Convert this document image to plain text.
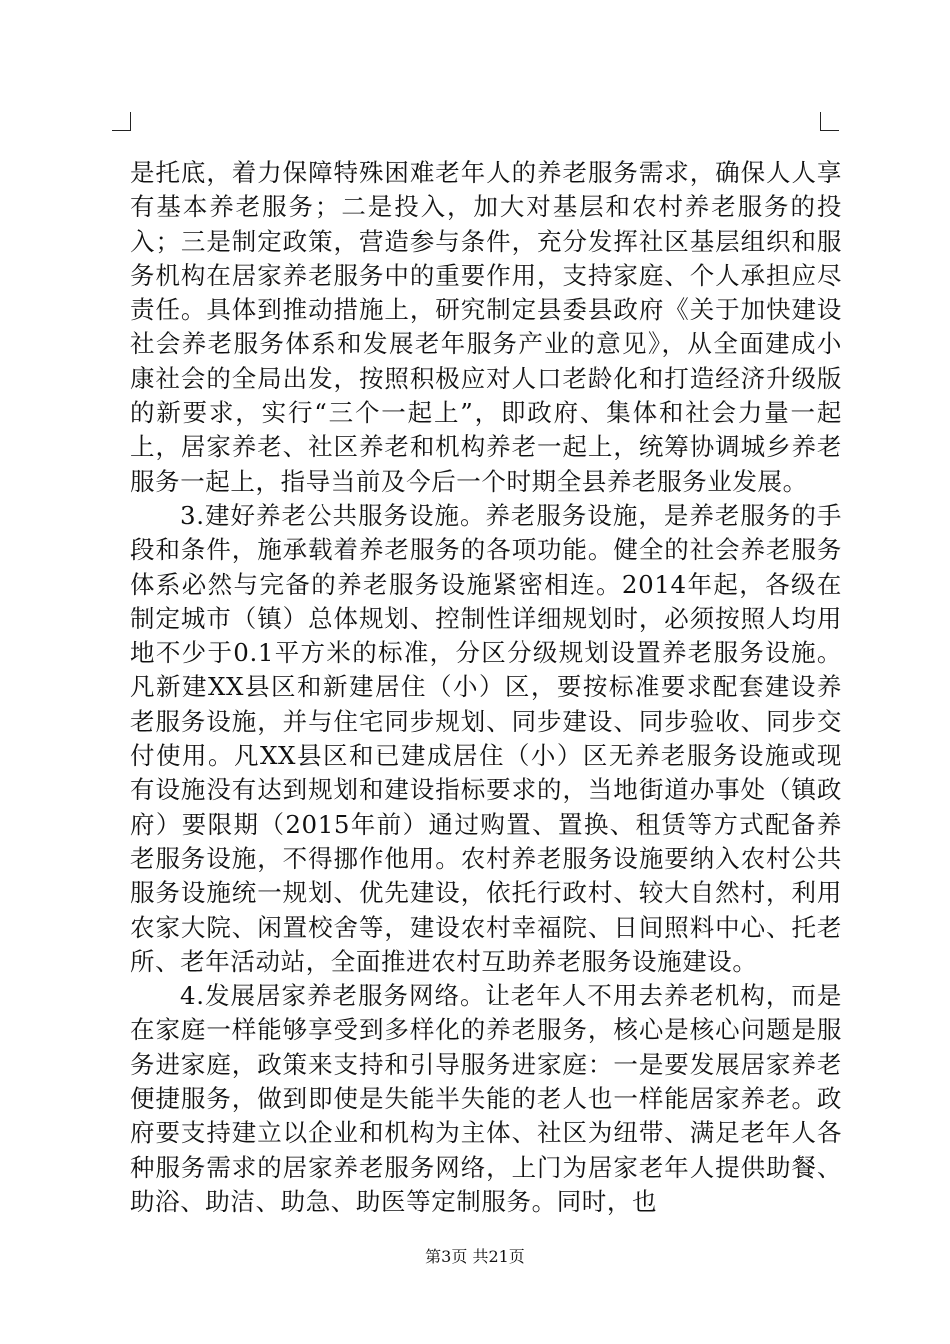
是托底，着力保障特殊困难老年人的养老服务需求，确保人人享有基本养老服务；二是投入，加大对基层和农村养老服务的投入；三是制定政策，营造参与条件，充分发挥社区基层组织和服务机构在居家养老服务中的重要作用，支持家庭、个人承担应尽责任。具体到推动措施上，研究制定县委县政府《关于加快建设社会养老服务体系和发展老年服务产业的意见》，从全面建成小康社会的全局出发，按照积极应对人口老龄化和打造经济升级版的新要求，实行“三个一起上”，即政府、集体和社会力量一起上，居家养老、社区养老和机构养老一起上，统筹协调城乡养老服务一起上，指导当前及今后一个时期全县养老服务业发展。

3.建好养老公共服务设施。养老服务设施，是养老服务的手段和条件，施承载着养老服务的各项功能。健全的社会养老服务体系必然与完备的养老服务设施紧密相连。2014年起，各级在制定城市（镇）总体规划、控制性详细规划时，必须按照人均用地不少于0.1平方米的标准，分区分级规划设置养老服务设施。凡新建XX县区和新建居住（小）区，要按标准要求配套建设养老服务设施，并与住宅同步规划、同步建设、同步验收、同步交付使用。凡XX县区和已建成居住（小）区无养老服务设施或现有设施没有达到规划和建设指标要求的，当地街道办事处（镇政府）要限期（2015年前）通过购置、置换、租赁等方式配备养老服务设施，不得挪作他用。农村养老服务设施要纳入农村公共服务设施统一规划、优先建设，依托行政村、较大自然村，利用农家大院、闲置校舍等，建设农村幸福院、日间照料中心、托老所、老年活动站，全面推进农村互助养老服务设施建设。

4.发展居家养老服务网络。让老年人不用去养老机构，而是在家庭一样能够享受到多样化的养老服务，核心是核心问题是服务进家庭，政策来支持和引导服务进家庭：一是要发展居家养老便捷服务，做到即使是失能半失能的老人也一样能居家养老。政府要支持建立以企业和机构为主体、社区为纽带、满足老年人各种服务需求的居家养老服务网络，上门为居家老年人提供助餐、助浴、助洁、助急、助医等定制服务。同时，也

第3页 共21页
